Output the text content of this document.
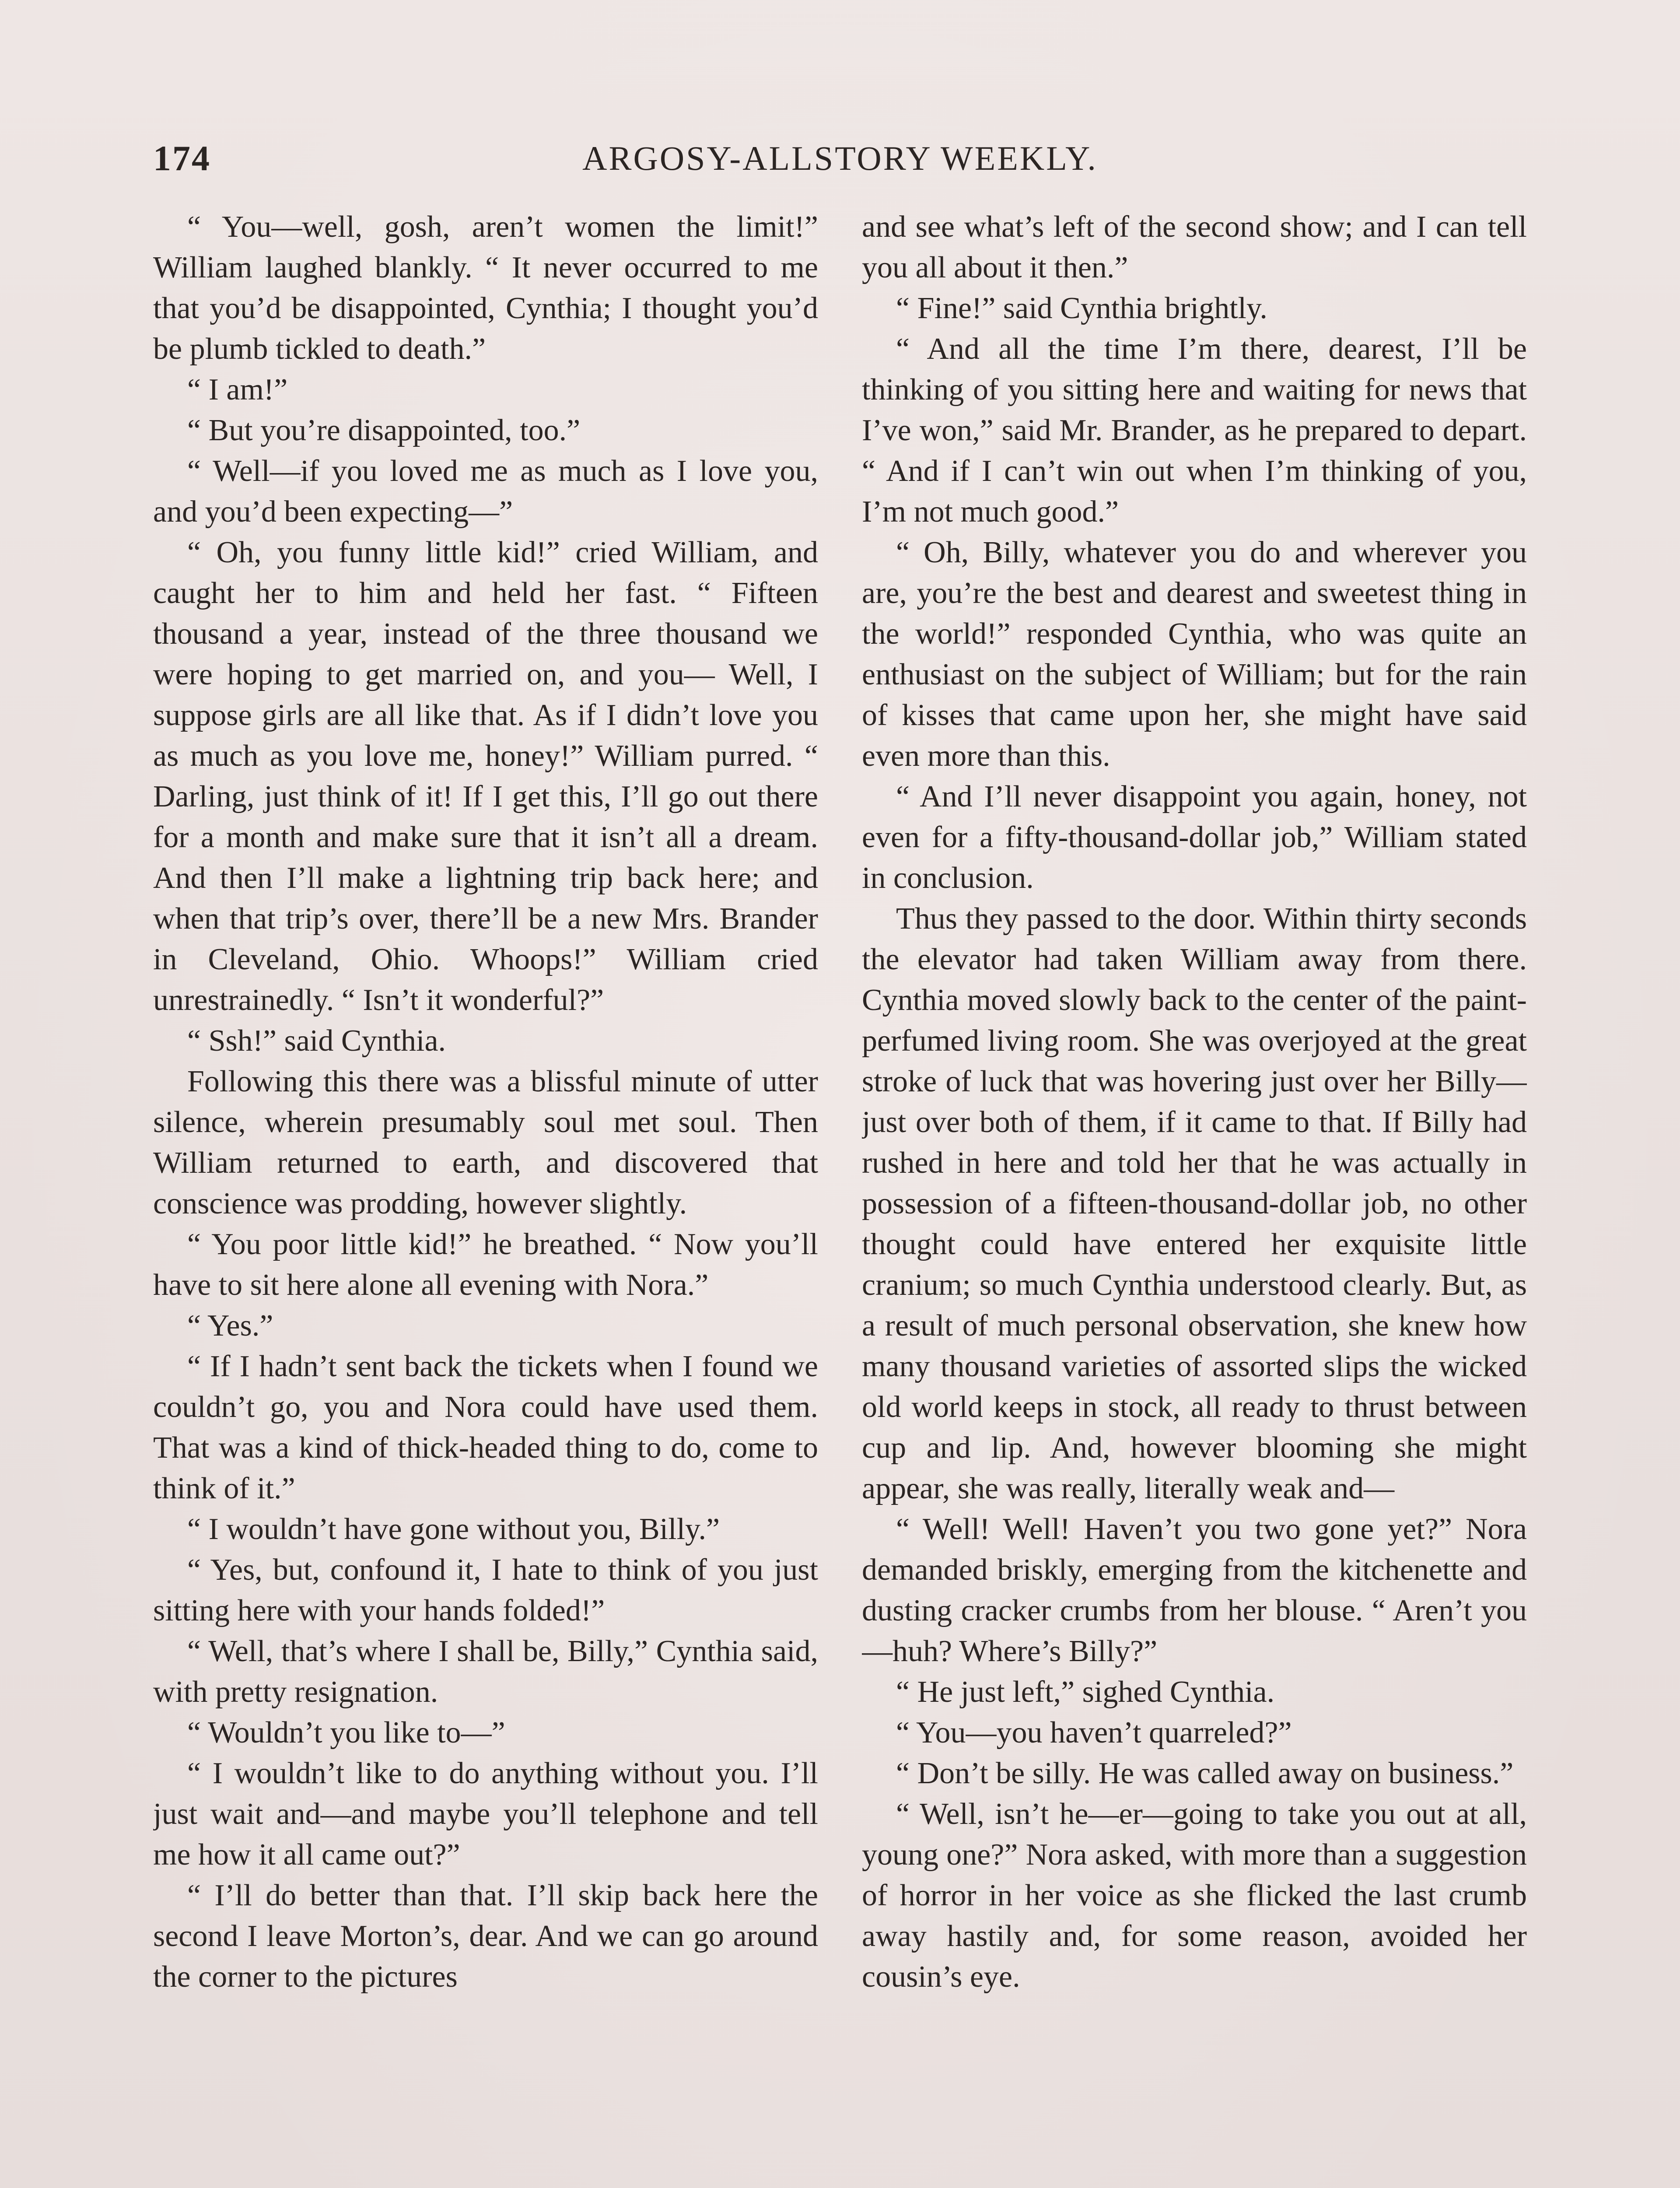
174	ARGOSY-ALLSTORY WEEKLY.

“ You—well, gosh, aren’t women the limit!” William laughed blankly. “ It never occurred to me that you’d be disappointed, Cynthia; I thought you’d be plumb tickled to death.”

“ I am!”

“ But you’re disappointed, too.”

“ Well—if you loved me as much as I love you, and you’d been expecting—”

“ Oh, you funny little kid!” cried William, and caught her to him and held her fast. “ Fifteen thousand a year, instead of the three thousand we were hoping to get married on, and you— Well, I suppose girls are all like that. As if I didn’t love you as much as you love me, honey!” William purred. “ Darling, just think of it! If I get this, I’ll go out there for a month and make sure that it isn’t all a dream. And then I’ll make a lightning trip back here; and when that trip’s over, there’ll be a new Mrs. Brander in Cleveland, Ohio. Whoops!” William cried unrestrainedly. “ Isn’t it wonderful?”

“ Ssh!” said Cynthia.

Following this there was a blissful minute of utter silence, wherein presumably soul met soul. Then William returned to earth, and discovered that conscience was prodding, however slightly.

“ You poor little kid!” he breathed. “ Now you’ll have to sit here alone all evening with Nora.”

“ Yes.”

“ If I hadn’t sent back the tickets when I found we couldn’t go, you and Nora could have used them. That was a kind of thick-headed thing to do, come to think of it.”

“ I wouldn’t have gone without you, Billy.”

“ Yes, but, confound it, I hate to think of you just sitting here with your hands folded!”

“ Well, that’s where I shall be, Billy,” Cynthia said, with pretty resignation.

“ Wouldn’t you like to—”

“ I wouldn’t like to do anything without you. I’ll just wait and—and maybe you’ll telephone and tell me how it all came out?”

“ I’ll do better than that. I’ll skip back here the second I leave Morton’s, dear. And we can go around the corner to the pictures

and see what’s left of the second show; and I can tell you all about it then.”

“ Fine!” said Cynthia brightly.

“ And all the time I’m there, dearest, I’ll be thinking of you sitting here and waiting for news that I’ve won,” said Mr. Brander, as he prepared to depart. “ And if I can’t win out when I’m thinking of you, I’m not much good.”

“ Oh, Billy, whatever you do and wherever you are, you’re the best and dearest and sweetest thing in the world!” responded Cynthia, who was quite an enthusiast on the subject of William; but for the rain of kisses that came upon her, she might have said even more than this.

“ And I’ll never disappoint you again, honey, not even for a fifty-thousand-dollar job,” William stated in conclusion.

Thus they passed to the door. Within thirty seconds the elevator had taken William away from there. Cynthia moved slowly back to the center of the paint-perfumed living room. She was overjoyed at the great stroke of luck that was hovering just over her Billy—just over both of them, if it came to that. If Billy had rushed in here and told her that he was actually in possession of a fifteen-thousand-dollar job, no other thought could have entered her exquisite little cranium; so much Cynthia understood clearly. But, as a result of much personal observation, she knew how many thousand varieties of assorted slips the wicked old world keeps in stock, all ready to thrust between cup and lip. And, however blooming she might appear, she was really, literally weak and—

“ Well! Well! Haven’t you two gone yet?” Nora demanded briskly, emerging from the kitchenette and dusting cracker crumbs from her blouse. “ Aren’t you—huh? Where’s Billy?”

“ He just left,” sighed Cynthia.

“ You—you haven’t quarreled?”

“ Don’t be silly. He was called away on business.”

“ Well, isn’t he—er—going to take you out at all, young one?” Nora asked, with more than a suggestion of horror in her voice as she flicked the last crumb away hastily and, for some reason, avoided her cousin’s eye.
